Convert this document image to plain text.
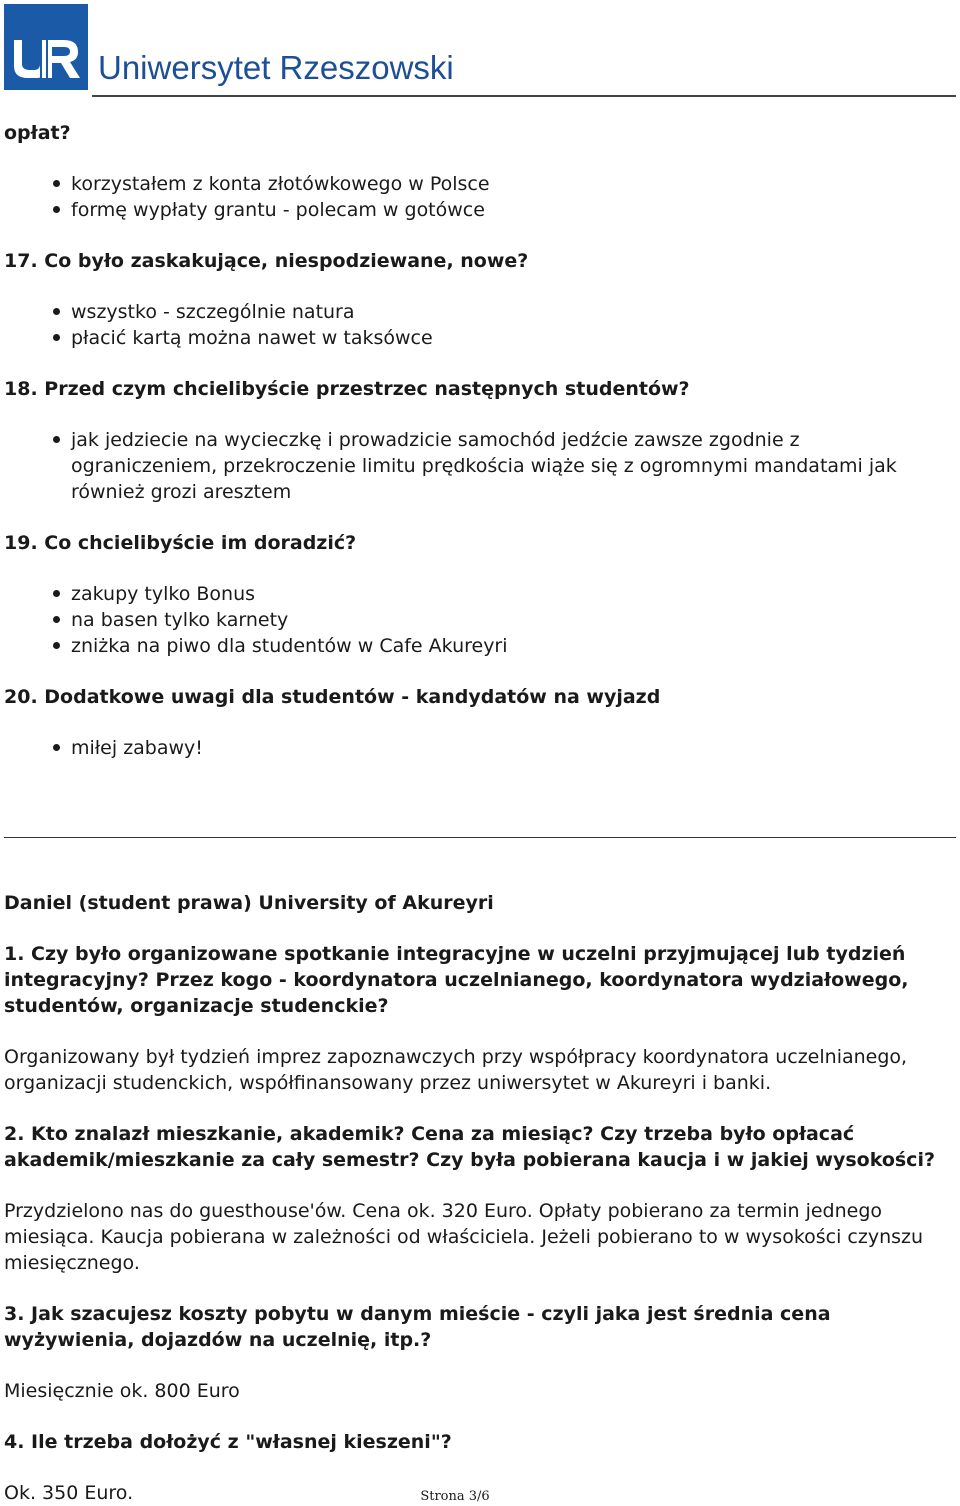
Uniwersytet Rzeszowski

opłat?

korzystałem z konta złotówkowego w Polsce
formę wypłaty grantu - polecam w gotówce

17. Co było zaskakujące, niespodziewane, nowe?

wszystko - szczególnie natura
płacić kartą można nawet w taksówce

18. Przed czym chcielibyście przestrzec następnych studentów?

jak jedziecie na wycieczkę i prowadzicie samochód jedźcie zawsze zgodnie z ograniczeniem, przekroczenie limitu prędkościa wiąże się z ogromnymi mandatami jak również grozi aresztem

19. Co chcielibyście im doradzić?

zakupy tylko Bonus
na basen tylko karnety
zniżka na piwo dla studentów w Cafe Akureyri

20. Dodatkowe uwagi dla studentów - kandydatów na wyjazd

miłej zabawy!

Daniel (student prawa) University of Akureyri

1. Czy było organizowane spotkanie integracyjne w uczelni przyjmującej lub tydzień integracyjny? Przez kogo - koordynatora uczelnianego, koordynatora wydziałowego, studentów, organizacje studenckie?

Organizowany był tydzień imprez zapoznawczych przy współpracy koordynatora uczelnianego, organizacji studenckich, współfinansowany przez uniwersytet w Akureyri i banki.

2. Kto znalazł mieszkanie, akademik? Cena za miesiąc? Czy trzeba było opłacać akademik/mieszkanie za cały semestr? Czy była pobierana kaucja i w jakiej wysokości?

Przydzielono nas do guesthouse'ów. Cena ok. 320 Euro. Opłaty pobierano za termin jednego miesiąca. Kaucja pobierana w zależności od właściciela. Jeżeli pobierano to w wysokości czynszu miesięcznego.

3. Jak szacujesz koszty pobytu w danym mieście - czyli jaka jest średnia cena wyżywienia, dojazdów na uczelnię, itp.?

Miesięcznie ok. 800 Euro

4. Ile trzeba dołożyć z "własnej kieszeni"?

Ok. 350 Euro.	Strona 3/6
